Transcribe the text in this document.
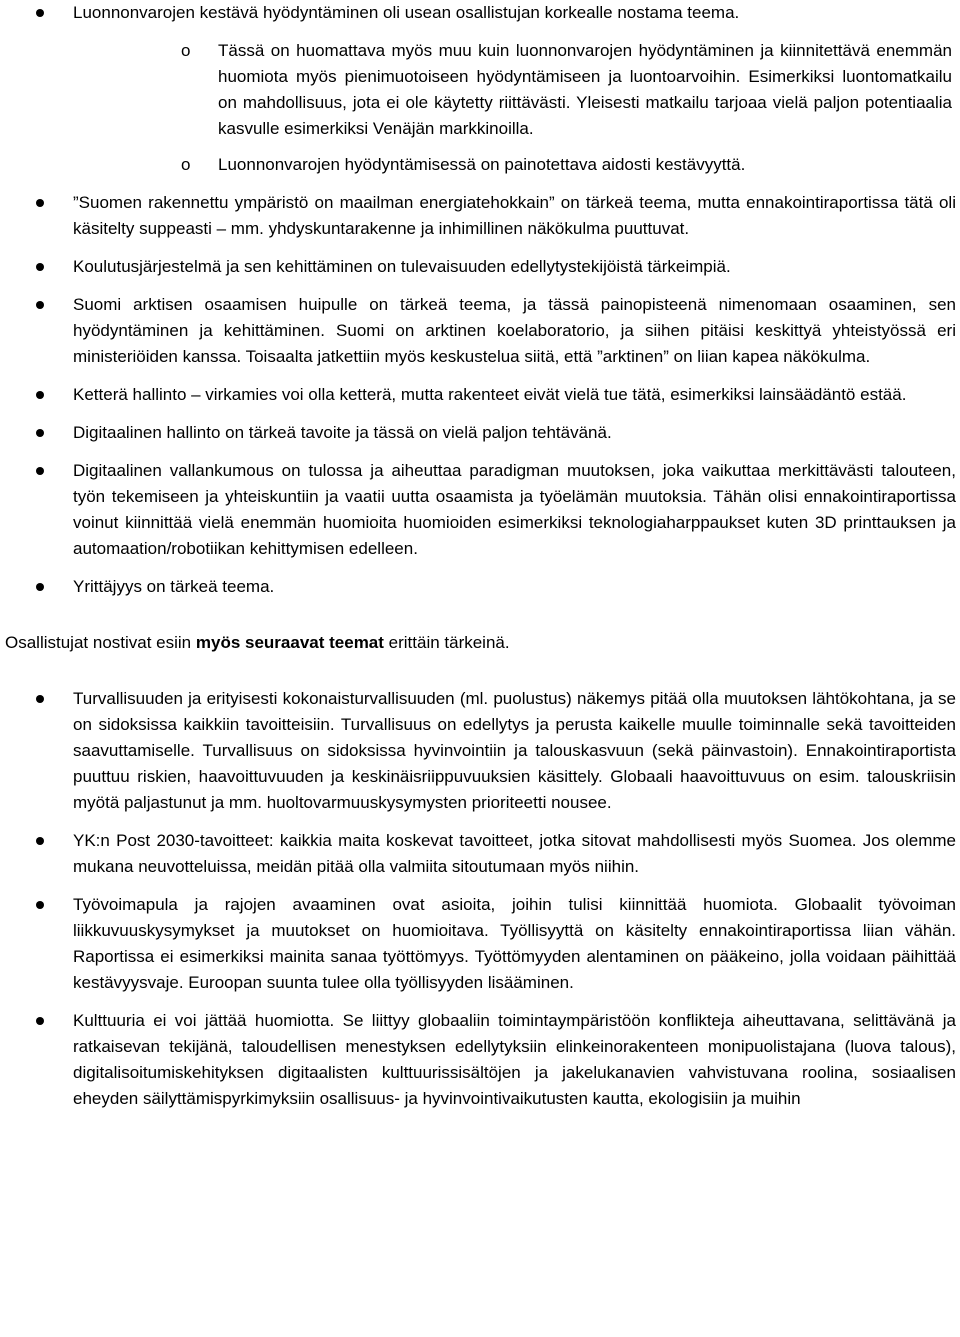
Luonnonvarojen kestävä hyödyntäminen oli usean osallistujan korkealle nostama teema.
o Tässä on huomattava myös muu kuin luonnonvarojen hyödyntäminen ja kiinnitettävä enemmän huomiota myös pienimuotoiseen hyödyntämiseen ja luontoarvoihin. Esimerkiksi luontomatkailu on mahdollisuus, jota ei ole käytetty riittävästi. Yleisesti matkailu tarjoaa vielä paljon potentiaalia kasvulle esimerkiksi Venäjän markkinoilla.
o Luonnonvarojen hyödyntämisessä on painotettava aidosti kestävyyttä.
”Suomen rakennettu ympäristö on maailman energiatehokkain” on tärkeä teema, mutta ennakointiraportissa tätä oli käsitelty suppeasti – mm. yhdyskuntarakenne ja inhimillinen näkökulma puuttuvat.
Koulutusjärjestelmä ja sen kehittäminen on tulevaisuuden edellytystekijöistä tärkeimpiä.
Suomi arktisen osaamisen huipulle on tärkeä teema, ja tässä painopisteenä nimenomaan osaaminen, sen hyödyntäminen ja kehittäminen. Suomi on arktinen koelaboratorio, ja siihen pitäisi keskittyä yhteistyössä eri ministeriöiden kanssa. Toisaalta jatkettiin myös keskustelua siitä, että ”arktinen” on liian kapea näkökulma.
Ketterä hallinto – virkamies voi olla ketterä, mutta rakenteet eivät vielä tue tätä, esimerkiksi lainsäädäntö estää.
Digitaalinen hallinto on tärkeä tavoite ja tässä on vielä paljon tehtävänä.
Digitaalinen vallankumous on tulossa ja aiheuttaa paradigman muutoksen, joka vaikuttaa merkittävästi talouteen, työn tekemiseen ja yhteiskuntiin ja vaatii uutta osaamista ja työelämän muutoksia. Tähän olisi ennakointiraportissa voinut kiinnittää vielä enemmän huomioita huomioiden esimerkiksi teknologiaharppaukset kuten 3D printtauksen ja automaation/robotiikan kehittymisen edelleen.
Yrittäjyys on tärkeä teema.

Osallistujat nostivat esiin myös seuraavat teemat erittäin tärkeinä.

Turvallisuuden ja erityisesti kokonaisturvallisuuden (ml. puolustus) näkemys pitää olla muutoksen lähtökohtana, ja se on sidoksissa kaikkiin tavoitteisiin. Turvallisuus on edellytys ja perusta kaikelle muulle toiminnalle sekä tavoitteiden saavuttamiselle. Turvallisuus on sidoksissa hyvinvointiin ja talouskasvuun (sekä päinvastoin). Ennakointiraportista puuttuu riskien, haavoittuvuuden ja keskinäisriippuvuuksien käsittely. Globaali haavoittuvuus on esim. talouskriisin myötä paljastunut ja mm. huoltovarmuuskysymysten prioriteetti nousee.
YK:n Post 2030-tavoitteet: kaikkia maita koskevat tavoitteet, jotka sitovat mahdollisesti myös Suomea. Jos olemme mukana neuvotteluissa, meidän pitää olla valmiita sitoutumaan myös niihin.
Työvoimapula ja rajojen avaaminen ovat asioita, joihin tulisi kiinnittää huomiota. Globaalit työvoiman liikkuvuuskysymykset ja muutokset on huomioitava. Työllisyyttä on käsitelty ennakointiraportissa liian vähän. Raportissa ei esimerkiksi mainita sanaa työttömyys. Työttömyyden alentaminen on pääkeino, jolla voidaan päihittää kestävyysvaje. Euroopan suunta tulee olla työllisyyden lisääminen.
Kulttuuria ei voi jättää huomiotta. Se liittyy globaaliin toimintaympäristöön konflikteja aiheuttavana, selittävänä ja ratkaisevan tekijänä, taloudellisen menestyksen edellytyksiin elinkeinorakenteen monipuolistajana (luova talous), digitalisoitumiskehityksen digitaalisten kulttuurissisältöjen ja jakelukanavien vahvistuvana roolina, sosiaalisen eheyden säilyttämispyrkimyksiin osallisuus- ja hyvinvointivaikutusten kautta, ekologisiin ja muihin
